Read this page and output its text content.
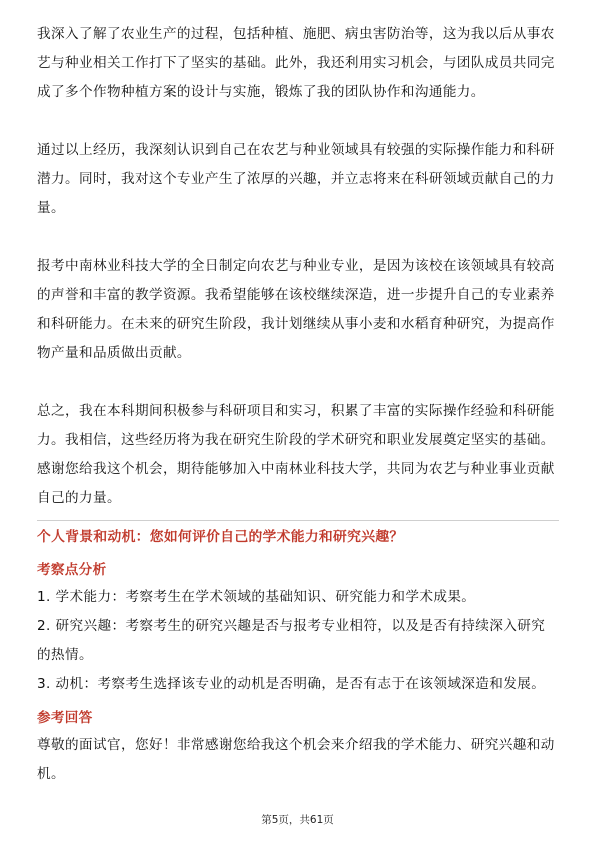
我深入了解了农业生产的过程，包括种植、施肥、病虫害防治等，这为我以后从事农艺与种业相关工作打下了坚实的基础。此外，我还利用实习机会，与团队成员共同完成了多个作物种植方案的设计与实施，锻炼了我的团队协作和沟通能力。

通过以上经历，我深刻认识到自己在农艺与种业领域具有较强的实际操作能力和科研潜力。同时，我对这个专业产生了浓厚的兴趣，并立志将来在科研领域贡献自己的力量。

报考中南林业科技大学的全日制定向农艺与种业专业，是因为该校在该领域具有较高的声誉和丰富的教学资源。我希望能够在该校继续深造，进一步提升自己的专业素养和科研能力。在未来的研究生阶段，我计划继续从事小麦和水稻育种研究，为提高作物产量和品质做出贡献。

总之，我在本科期间积极参与科研项目和实习，积累了丰富的实际操作经验和科研能力。我相信，这些经历将为我在研究生阶段的学术研究和职业发展奠定坚实的基础。感谢您给我这个机会，期待能够加入中南林业科技大学，共同为农艺与种业事业贡献自己的力量。

个人背景和动机：您如何评价自己的学术能力和研究兴趣？

考察点分析

1. 学术能力：考察考生在学术领域的基础知识、研究能力和学术成果。

2. 研究兴趣：考察考生的研究兴趣是否与报考专业相符，以及是否有持续深入研究的热情。

3. 动机：考察考生选择该专业的动机是否明确，是否有志于在该领域深造和发展。

参考回答

尊敬的面试官，您好！非常感谢您给我这个机会来介绍我的学术能力、研究兴趣和动机。

第5页，共61页
